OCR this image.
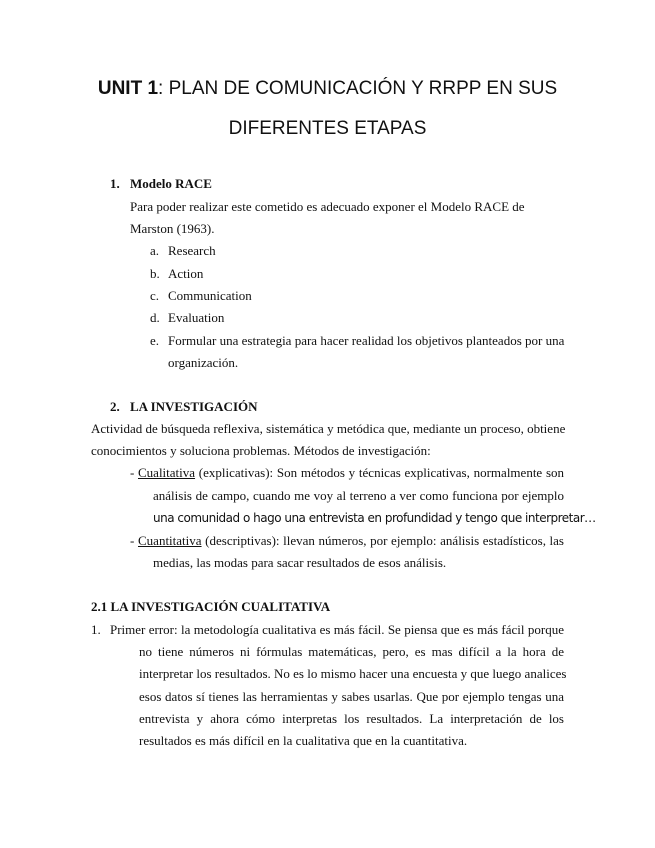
UNIT 1: PLAN DE COMUNICACIÓN Y RRPP EN SUS
DIFERENTES ETAPAS
1. Modelo RACE
Para poder realizar este cometido es adecuado exponer el Modelo RACE de
Marston (1963).
a. Research
b. Action
c. Communication
d. Evaluation
e. Formular una estrategia para hacer realidad los objetivos planteados por una
organización.
2. LA INVESTIGACIÓN
Actividad de búsqueda reflexiva, sistemática y metódica que, mediante un proceso, obtiene
conocimientos y soluciona problemas. Métodos de investigación:
- Cualitativa (explicativas): Son métodos y técnicas explicativas, normalmente son
análisis de campo, cuando me voy al terreno a ver como funciona por ejemplo
una comunidad o hago una entrevista en profundidad y tengo que interpretar…
- Cuantitativa (descriptivas): llevan números, por ejemplo: análisis estadísticos, las
medias, las modas para sacar resultados de esos análisis.
2.1 LA INVESTIGACIÓN CUALITATIVA
1. Primer error: la metodología cualitativa es más fácil. Se piensa que es más fácil porque
no tiene números ni fórmulas matemáticas, pero, es mas difícil a la hora de
interpretar los resultados. No es lo mismo hacer una encuesta y que luego analices
esos datos sí tienes las herramientas y sabes usarlas. Que por ejemplo tengas una
entrevista y ahora cómo interpretas los resultados. La interpretación de los
resultados es más difícil en la cualitativa que en la cuantitativa.
